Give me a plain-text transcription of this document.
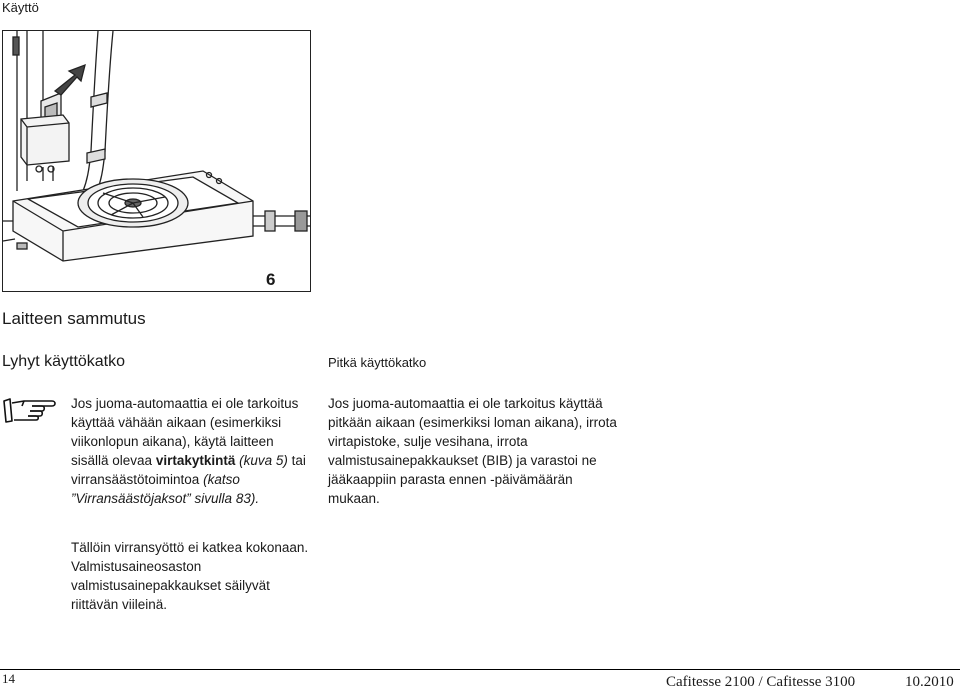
Käyttö
6
Laitteen sammutus
Lyhyt käyttökatko	Pitkä käyttökatko
Jos juoma-automaattia ei ole tarkoitus käyttää vähään aikaan (esimerkiksi viikonlopun aikana), käytä laitteen sisällä olevaa virtakytkintä (kuva 5) tai virransäästötoimintoa (katso ”Virransäästöjaksot” sivulla 83).
Tällöin virransyöttö ei katkea kokonaan. Valmistusaineosaston valmistusainepakkaukset säilyvät riittävän viileinä.
Jos juoma-automaattia ei ole tarkoitus käyttää pitkään aikaan (esimerkiksi loman aikana), irrota virtapistoke, sulje vesihana, irrota valmistusainepakkaukset (BIB) ja varastoi ne jääkaappiin parasta ennen -päivämäärän mukaan.
14	Cafitesse 2100 / Cafitesse 3100	10.2010
